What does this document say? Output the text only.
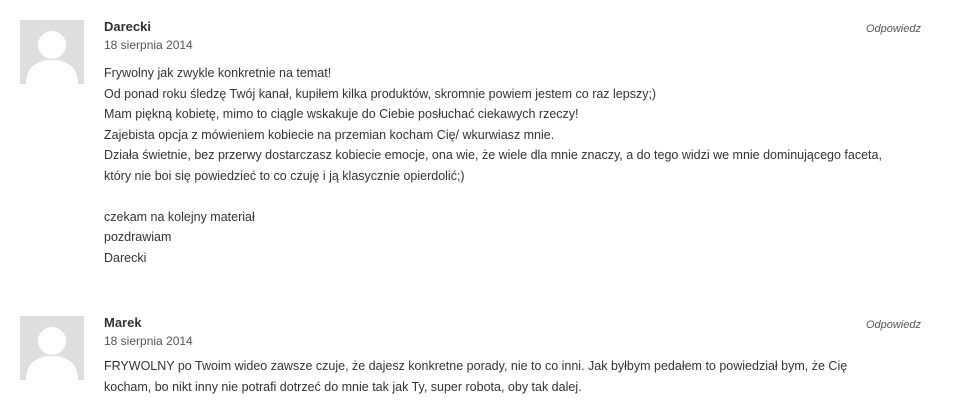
Darecki
18 sierpnia 2014
Odpowiedz

Frywolny jak zwykle konkretnie na temat!
Od ponad roku śledzę Twój kanał, kupiłem kilka produktów, skromnie powiem jestem co raz lepszy;)
Mam piękną kobietę, mimo to ciągle wskakuje do Ciebie posłuchać ciekawych rzeczy!
Zajebista opcja z mówieniem kobiecie na przemian kocham Cię/ wkurwiasz mnie.
Działa świetnie, bez przerwy dostarczasz kobiecie emocje, ona wie, że wiele dla mnie znaczy, a do tego widzi we mnie dominującego faceta,
który nie boi się powiedzieć to co czuję i ją klasycznie opierdolić;)

czekam na kolejny materiał
pozdrawiam
Darecki

Marek
18 sierpnia 2014
Odpowiedz

FRYWOLNY po Twoim wideo zawsze czuje, że dajesz konkretne porady, nie to co inni. Jak byłbym pedałem to powiedział bym, że Cię
kocham, bo nikt inny nie potrafi dotrzeć do mnie tak jak Ty, super robota, oby tak dalej.
